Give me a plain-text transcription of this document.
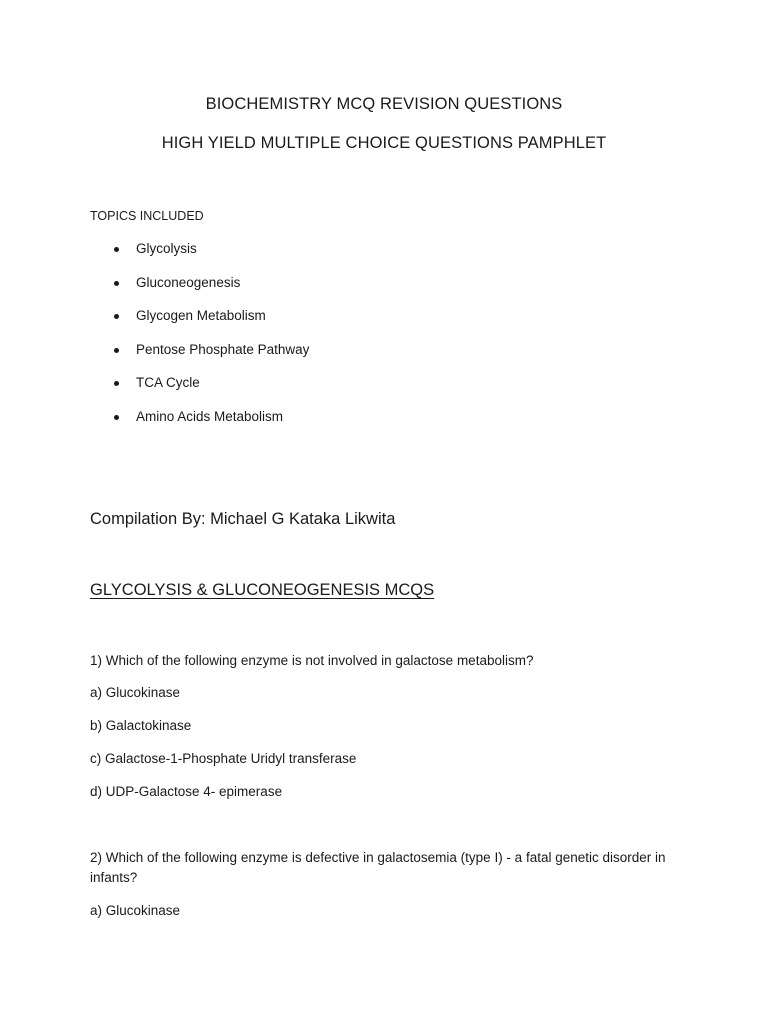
BIOCHEMISTRY MCQ REVISION QUESTIONS
HIGH YIELD MULTIPLE CHOICE QUESTIONS PAMPHLET
TOPICS INCLUDED
Glycolysis
Gluconeogenesis
Glycogen Metabolism
Pentose Phosphate Pathway
TCA Cycle
Amino Acids Metabolism
Compilation By: Michael G Kataka Likwita
GLYCOLYSIS & GLUCONEOGENESIS MCQS
1) Which of the following enzyme is not involved in galactose metabolism?
a) Glucokinase
b) Galactokinase
c) Galactose-1-Phosphate Uridyl transferase
d) UDP-Galactose 4- epimerase
2) Which of the following enzyme is defective in galactosemia (type I) - a fatal genetic disorder in infants?
a) Glucokinase
